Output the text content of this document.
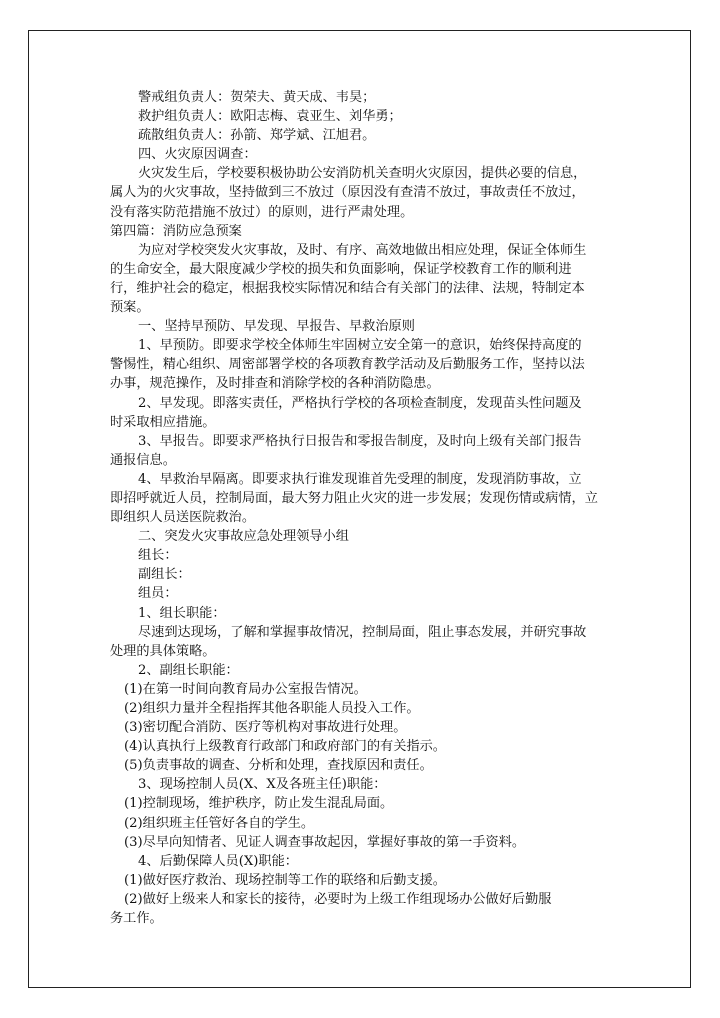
警戒组负责人：贺荣夫、黄天成、韦昊；
救护组负责人：欧阳志梅、袁亚生、刘华勇；
疏散组负责人：孙箭、郑学斌、江旭君。
四、火灾原因调查：
火灾发生后，学校要积极协助公安消防机关查明火灾原因，提供必要的信息，
属人为的火灾事故，坚持做到三不放过（原因没有查清不放过，事故责任不放过，
没有落实防范措施不放过）的原则，进行严肃处理。
第四篇：消防应急预案
为应对学校突发火灾事故，及时、有序、高效地做出相应处理，保证全体师生
的生命安全，最大限度减少学校的损失和负面影响，保证学校教育工作的顺利进
行，维护社会的稳定，根据我校实际情况和结合有关部门的法律、法规，特制定本
预案。
一、坚持早预防、早发现、早报告、早救治原则
1、早预防。即要求学校全体师生牢固树立安全第一的意识，始终保持高度的
警惕性，精心组织、周密部署学校的各项教育教学活动及后勤服务工作，坚持以法
办事，规范操作，及时排查和消除学校的各种消防隐患。
2、早发现。即落实责任，严格执行学校的各项检查制度，发现苗头性问题及
时采取相应措施。
3、早报告。即要求严格执行日报告和零报告制度，及时向上级有关部门报告
通报信息。
4、早救治早隔离。即要求执行谁发现谁首先受理的制度，发现消防事故，立
即招呼就近人员，控制局面，最大努力阻止火灾的进一步发展；发现伤情或病情，立
即组织人员送医院救治。
二、突发火灾事故应急处理领导小组
组长：
副组长：
组员：
1、组长职能：
尽速到达现场，了解和掌握事故情况，控制局面，阻止事态发展，并研究事故
处理的具体策略。
2、副组长职能：
(1)在第一时间向教育局办公室报告情况。
(2)组织力量并全程指挥其他各职能人员投入工作。
(3)密切配合消防、医疗等机构对事故进行处理。
(4)认真执行上级教育行政部门和政府部门的有关指示。
(5)负责事故的调查、分析和处理，查找原因和责任。
3、现场控制人员(X、X及各班主任)职能：
(1)控制现场，维护秩序，防止发生混乱局面。
(2)组织班主任管好各自的学生。
(3)尽早向知情者、见证人调查事故起因，掌握好事故的第一手资料。
4、后勤保障人员(X)职能：
(1)做好医疗救治、现场控制等工作的联络和后勤支援。
(2)做好上级来人和家长的接待，必要时为上级工作组现场办公做好后勤服
务工作。
